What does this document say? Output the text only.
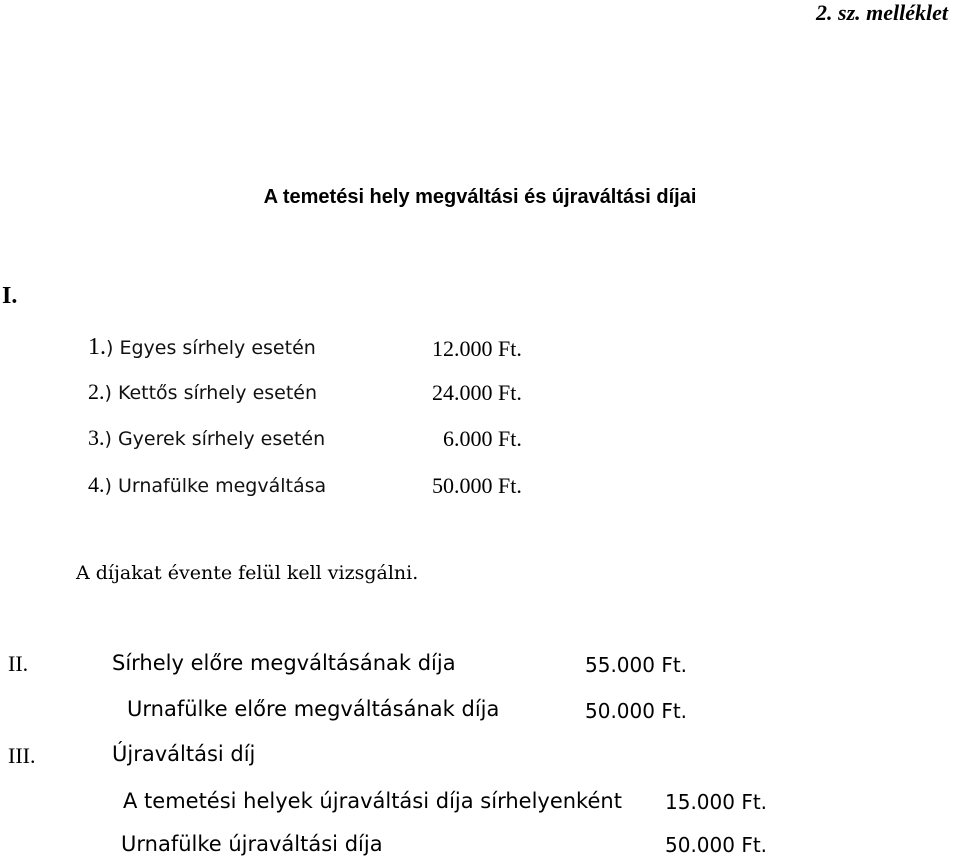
2. sz. melléklet
A temetési hely megváltási és újraváltási díjai
I.
1.) Egyes sírhely esetén	12.000 Ft.
2.) Kettős sírhely esetén	24.000 Ft.
3.) Gyerek sírhely esetén	6.000 Ft.
4.) Urnafülke megváltása	50.000 Ft.
A díjakat évente felül kell vizsgálni.
II.	Sírhely előre megváltásának díja	55.000 Ft.
Urnafülke előre megváltásának díja	50.000 Ft.
III.	Újraváltási díj
A temetési helyek újraváltási díja sírhelyenként 15.000 Ft.
Urnafülke újraváltási díja	50.000 Ft.
